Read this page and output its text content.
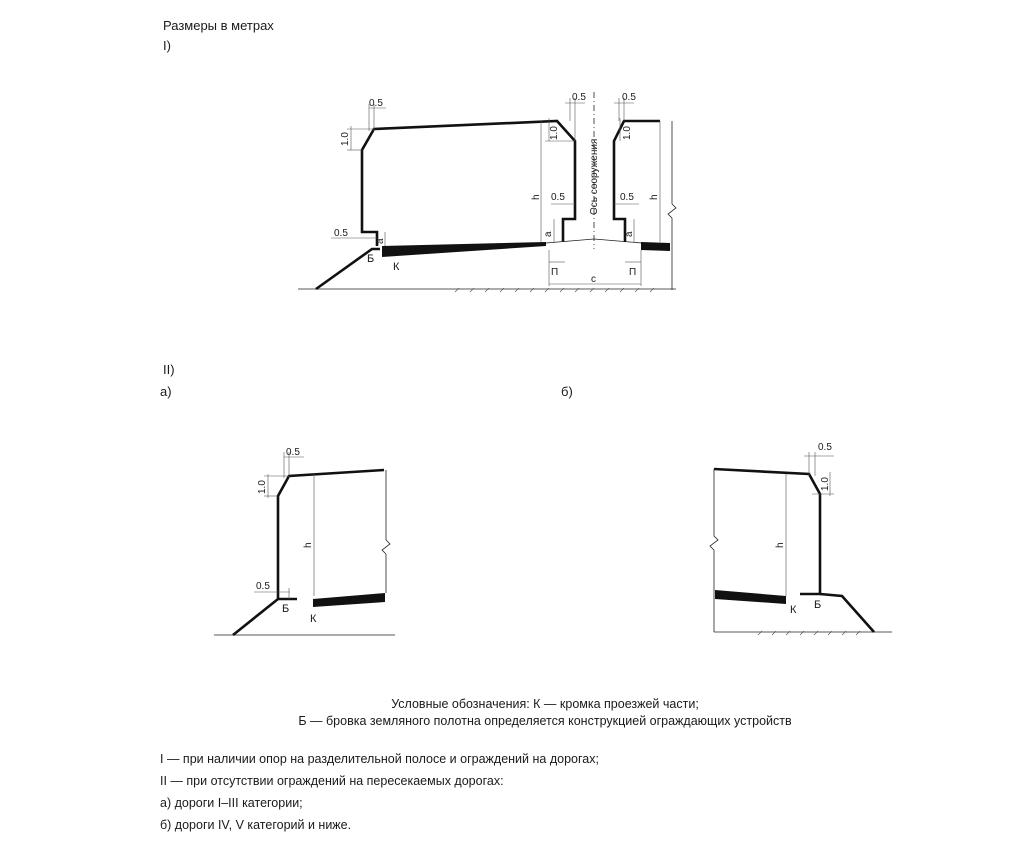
Размеры в метрах
I)
II)
а)	б)
0.5
1.0
0.5
a
Б
К
h
1.0
0.5
0.5
a
П
с
Ось сооружения
0.5
1.0
0.5
a
П
h
0.5
1.0
h
0.5
Б
К
0.5
1.0
h
К Б
Условные обозначения: К — кромка проезжей части;
Б — бровка земляного полотна определяется конструкцией ограждающих устройств
I — при наличии опор на разделительной полосе и ограждений на дорогах;
II — при отсутствии ограждений на пересекаемых дорогах:
а) дороги I–III категории;
б) дороги IV, V категорий и ниже.
